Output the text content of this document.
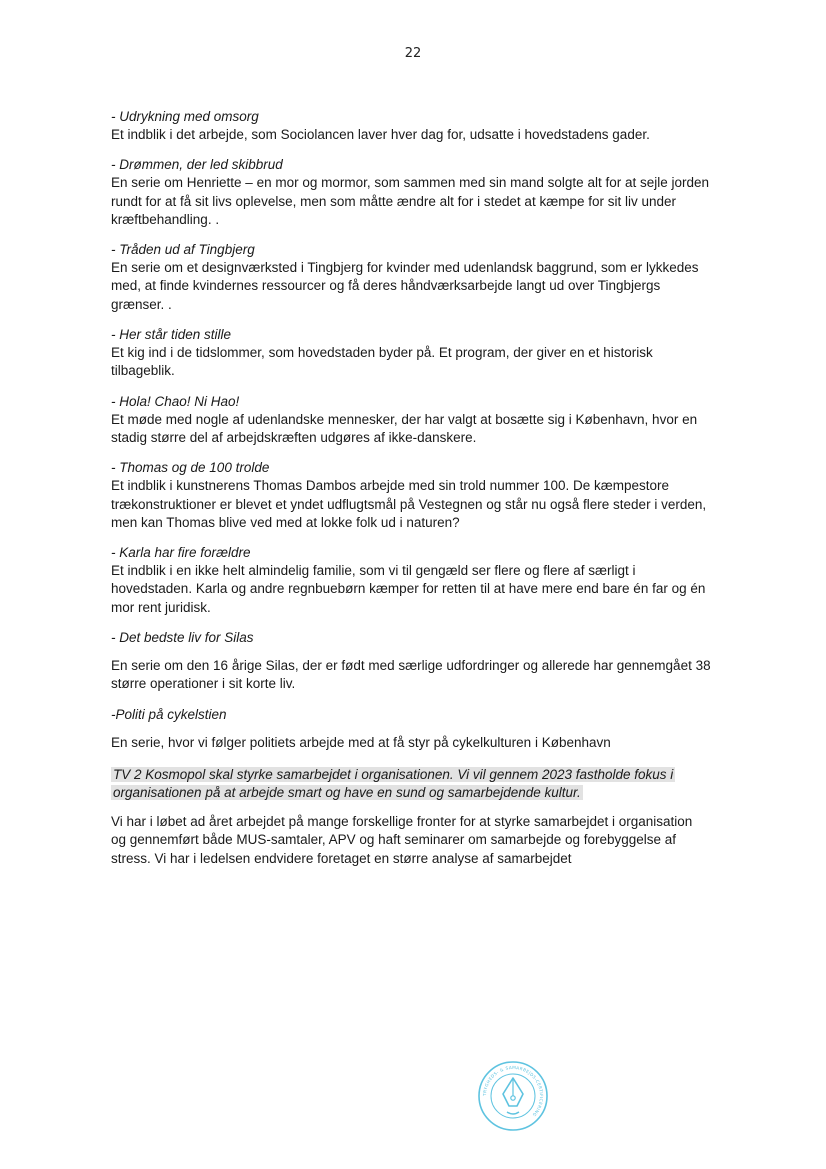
22
- Udrykning med omsorg
Et indblik i det arbejde, som Sociolancen laver hver dag for, udsatte i hovedstadens gader.
- Drømmen, der led skibbrud
En serie om Henriette – en mor og mormor, som sammen med sin mand solgte alt for at sejle jorden rundt for at få sit livs oplevelse, men som måtte ændre alt for i stedet at kæmpe for sit liv under kræftbehandling. .
- Tråden ud af Tingbjerg
En serie om et designværksted i Tingbjerg for kvinder med udenlandsk baggrund, som er lykkedes med, at finde kvindernes ressourcer og få deres håndværksarbejde langt ud over Tingbjergs grænser. .
- Her står tiden stille
Et kig ind i de tidslommer, som hovedstaden byder på. Et program, der giver en et historisk tilbageblik.
- Hola! Chao! Ni Hao!
Et møde med nogle af udenlandske mennesker, der har valgt at bosætte sig i København, hvor en stadig større del af arbejdskræften udgøres af ikke-danskere.
- Thomas og de 100 trolde
Et indblik i kunstnerens Thomas Dambos arbejde med sin trold nummer 100. De kæmpestore trækonstruktioner er blevet et yndet udflugtsmål på Vestegnen og står nu også flere steder i verden, men kan Thomas blive ved med at lokke folk ud i naturen?
- Karla har fire forældre
Et indblik i en ikke helt almindelig familie, som vi til gengæld ser flere og flere af særligt i hovedstaden. Karla og andre regnbuebørn kæmper for retten til at have mere end bare én far og én mor rent juridisk.
- Det bedste liv for Silas
En serie om den 16 årige Silas, der er født med særlige udfordringer og allerede har gennemgået 38 større operationer i sit korte liv.
-Politi på cykelstien
En serie, hvor vi følger politiets arbejde med at få styr på cykelkulturen i København
TV 2 Kosmopol skal styrke samarbejdet i organisationen. Vi vil gennem 2023 fastholde fokus i organisationen på at arbejde smart og have en sund og samarbejdende kultur.
Vi har i løbet ad året arbejdet på mange forskellige fronter for at styrke samarbejdet i organisation og gennemført både MUS-samtaler, APV og haft seminarer om samarbejde og forebyggelse af stress. Vi har i ledelsen endvidere foretaget en større analyse af samarbejdet
TRYGHEDS- & SAMARBEJDS-CERTIFICERING
